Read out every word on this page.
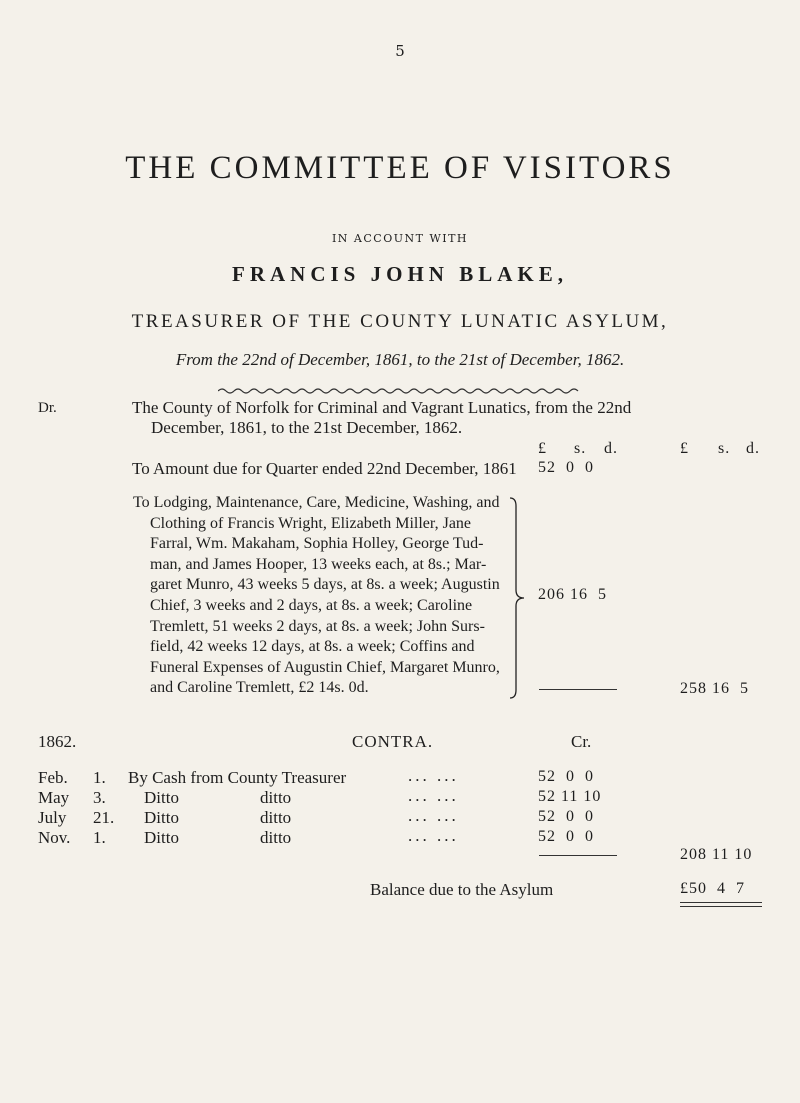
5
THE COMMITTEE OF VISITORS
IN ACCOUNT WITH
FRANCIS JOHN BLAKE,
TREASURER OF THE COUNTY LUNATIC ASYLUM,
From the 22nd of December, 1861, to the 21st of December, 1862.
Dr.	The County of Norfolk for Criminal and Vagrant Lunatics, from the 22nd
December, 1861, to the 21st December, 1862.
£ s. d.	£ s. d.
To Amount due for Quarter ended 22nd December, 1861 52  0  0
To Lodging, Maintenance, Care, Medicine, Washing, and
Clothing of Francis Wright, Elizabeth Miller, Jane
Farral, Wm. Makaham, Sophia Holley, George Tud-
man, and James Hooper, 13 weeks each, at 8s.; Mar-
garet Munro, 43 weeks 5 days, at 8s. a week; Augustin
Chief, 3 weeks and 2 days, at 8s. a week; Caroline
Tremlett, 51 weeks 2 days, at 8s. a week; John Surs-
field, 42 weeks 12 days, at 8s. a week; Coffins and
Funeral Expenses of Augustin Chief, Margaret Munro,
and Caroline Tremlett, £2 14s. 0d.
206 16  5
258 16  5
1862.	CONTRA.	Cr.
Feb. 1. By Cash from County Treasurer	... ...	52  0  0
May 3. Ditto	ditto	... ...	52 11 10
July 21. Ditto	ditto	... ...	52  0  0
Nov. 1. Ditto	ditto	... ...	52  0  0
208 11 10
Balance due to the Asylum	£50  4  7
